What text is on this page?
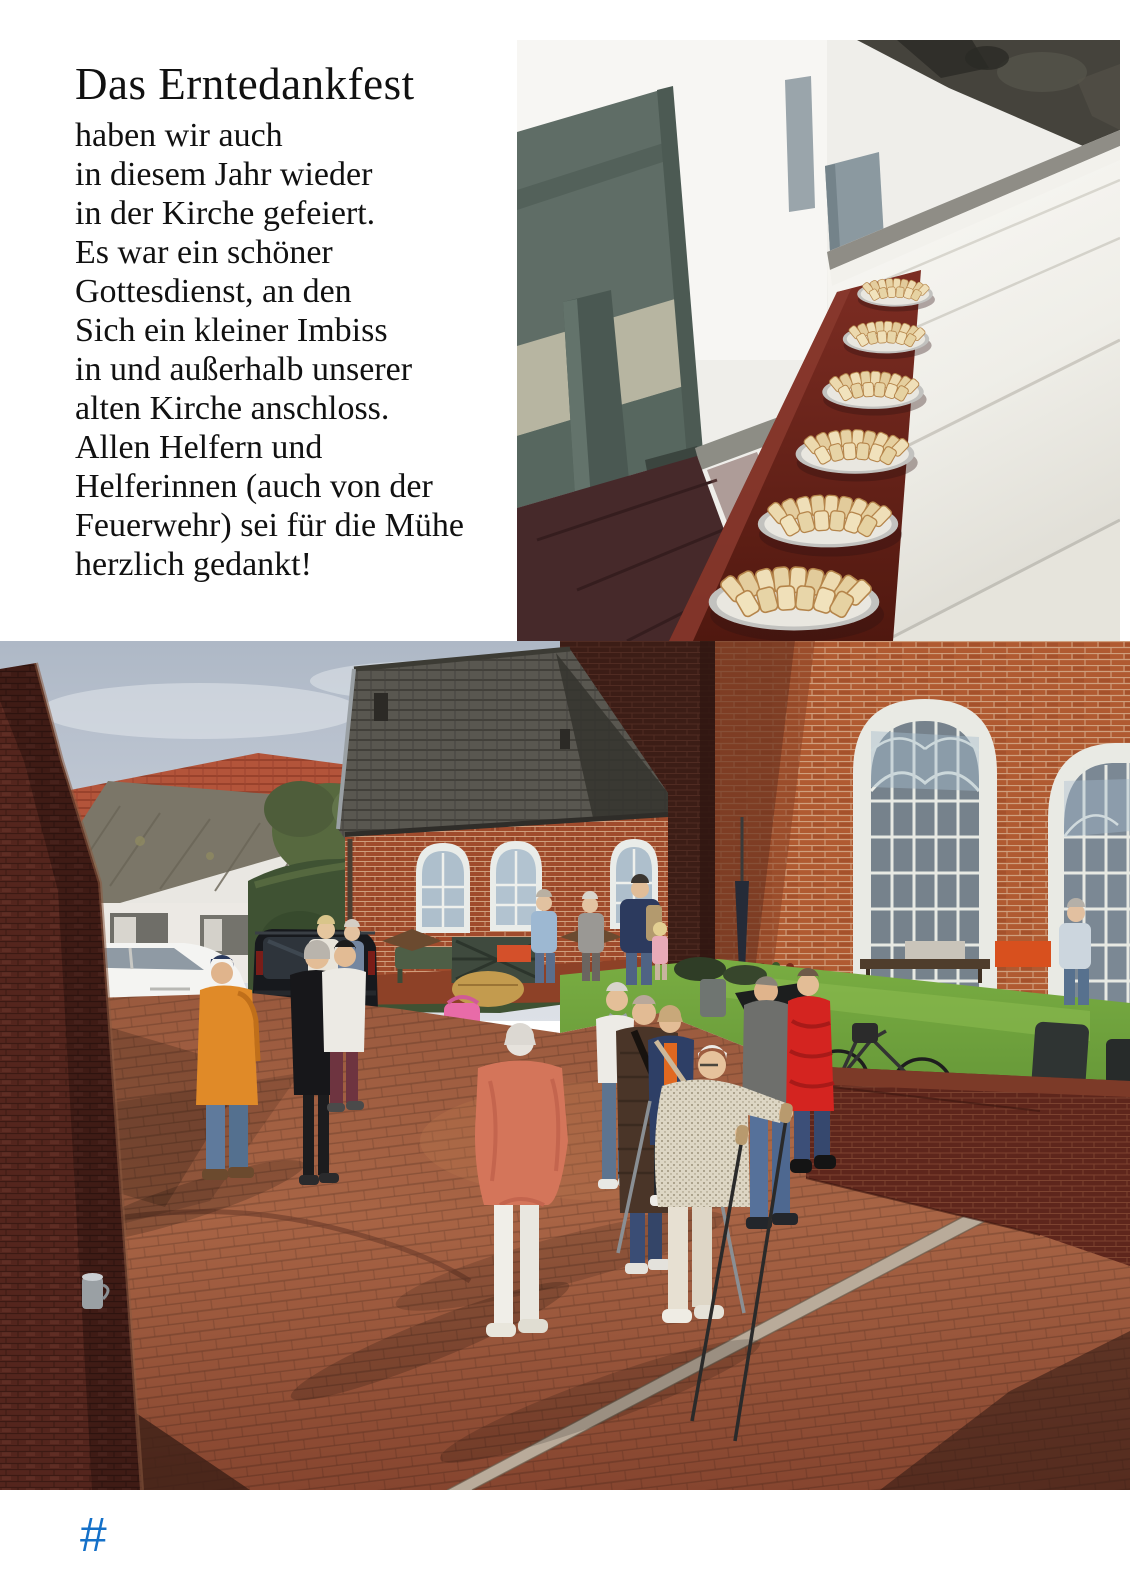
Das Erntedankfest
haben wir auch
in diesem Jahr wieder
in der Kirche gefeiert.
Es war ein schöner
Gottesdienst, an den
Sich ein kleiner Imbiss
in und außerhalb unserer
alten Kirche anschloss.
Allen Helfern und
Helferinnen (auch von der
Feuerwehr) sei für die Mühe
herzlich gedankt!
#
